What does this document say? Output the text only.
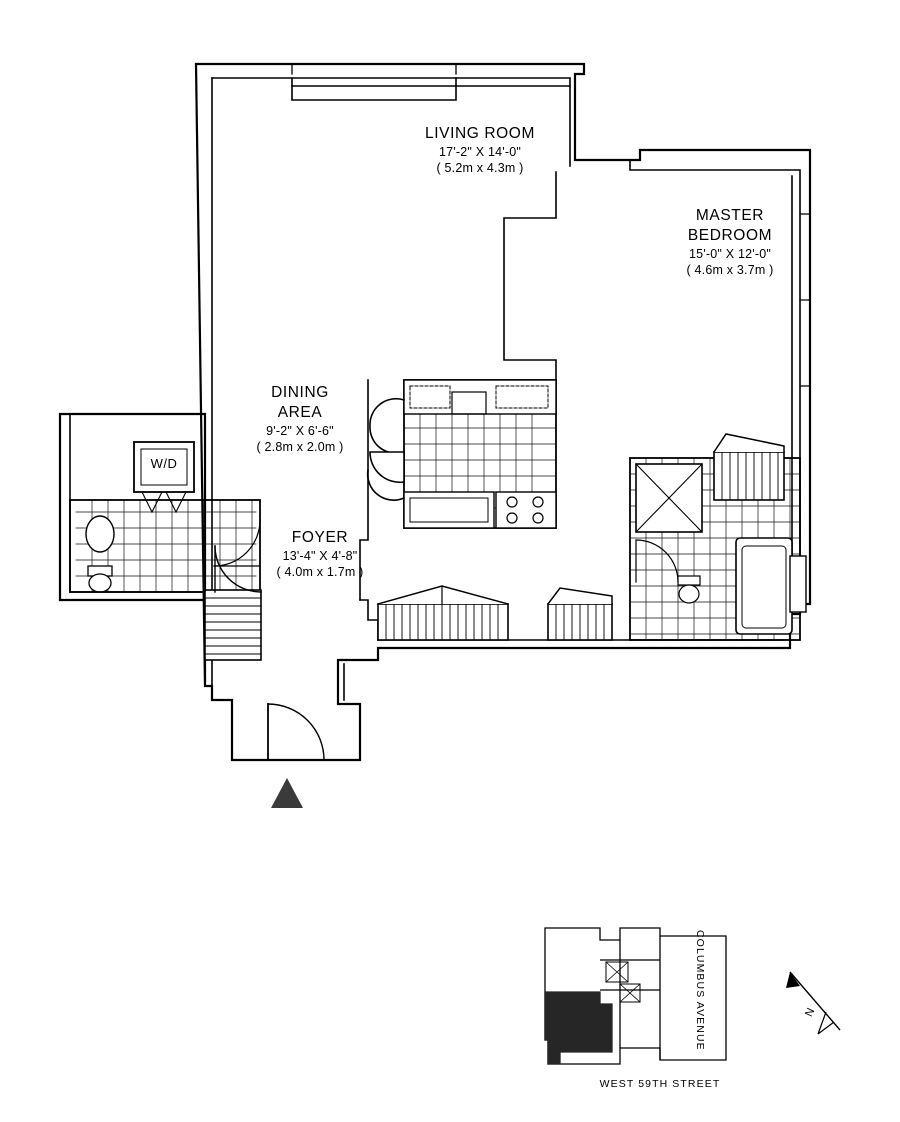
LIVING ROOM
17'-2" X 14'-0"
( 5.2m x 4.3m )
MASTER
BEDROOM
15'-0" X 12'-0"
( 4.6m x 3.7m )
DINING
AREA
9'-2" X 6'-6"
( 2.8m x 2.0m )
FOYER
13'-4" X 4'-8"
( 4.0m x 1.7m )
W/D
WEST 59TH STREET
COLUMBUS AVENUE	N
